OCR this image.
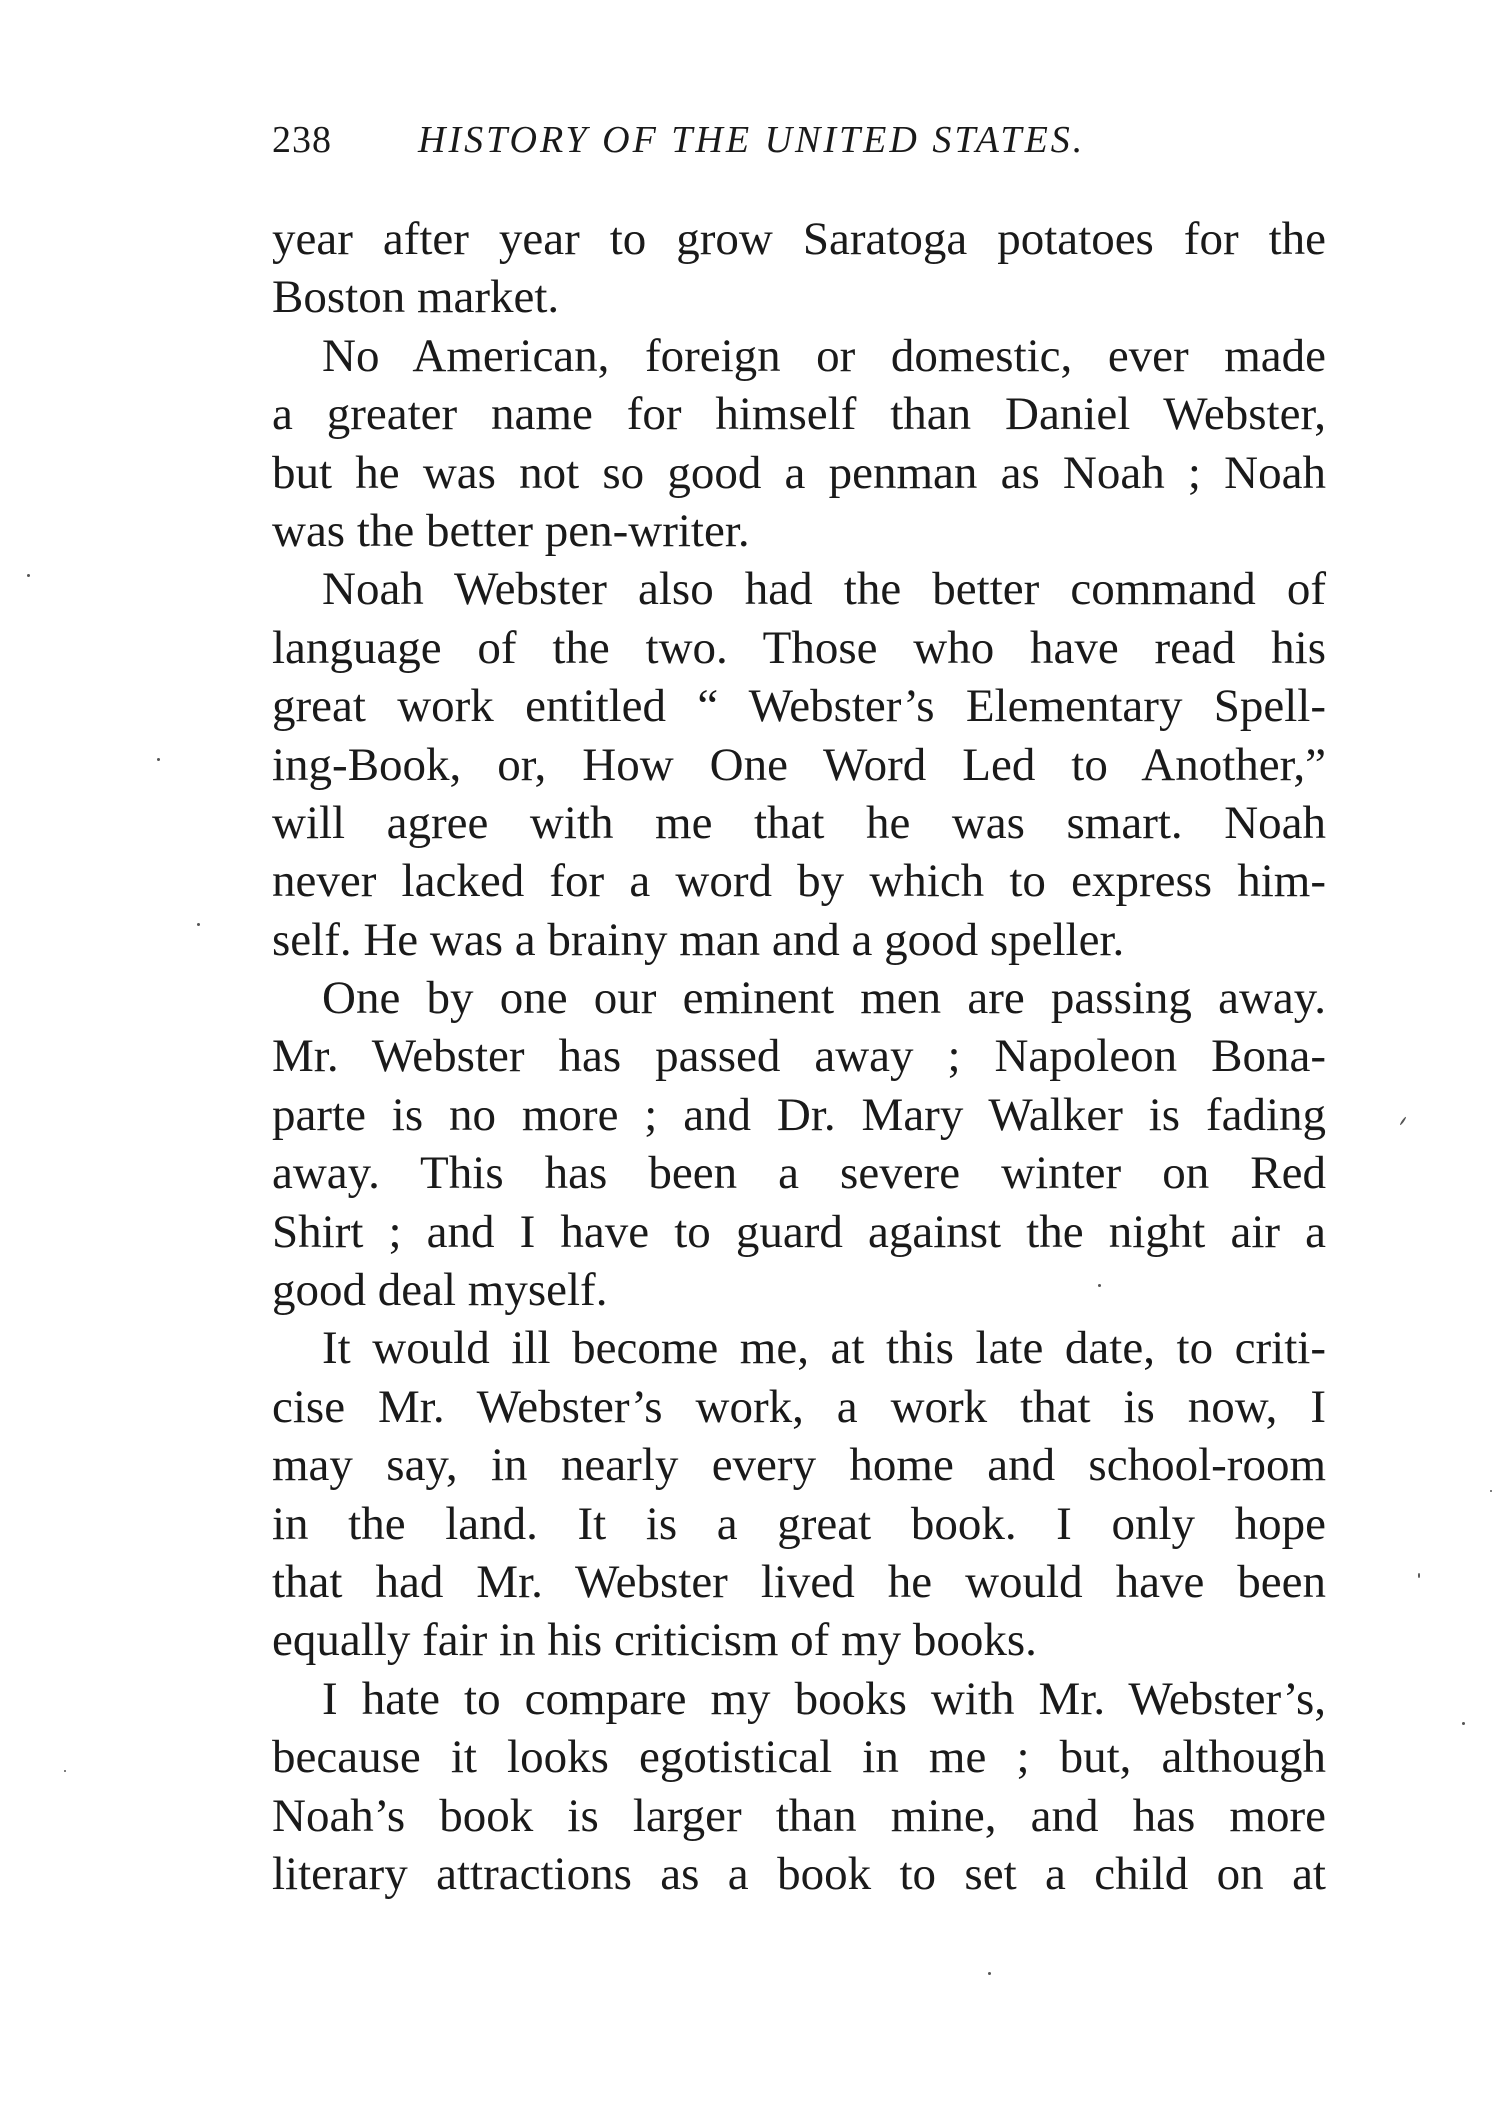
238 HISTORY OF THE UNITED STATES.
year after year to grow Saratoga potatoes for the
Boston market.
No American, foreign or domestic, ever made
a greater name for himself than Daniel Webster,
but he was not so good a penman as Noah ; Noah
was the better pen-writer.
Noah Webster also had the better command of
language of the two. Those who have read his
great work entitled “ Webster’s Elementary Spell-
ing-Book, or, How One Word Led to Another,”
will agree with me that he was smart. Noah
never lacked for a word by which to express him-
self. He was a brainy man and a good speller.
One by one our eminent men are passing away.
Mr. Webster has passed away ; Napoleon Bona-
parte is no more ; and Dr. Mary Walker is fading
away. This has been a severe winter on Red
Shirt ; and I have to guard against the night air a
good deal myself.
It would ill become me, at this late date, to criti-
cise Mr. Webster’s work, a work that is now, I
may say, in nearly every home and school-room
in the land. It is a great book. I only hope
that had Mr. Webster lived he would have been
equally fair in his criticism of my books.
I hate to compare my books with Mr. Webster’s,
because it looks egotistical in me ; but, although
Noah’s book is larger than mine, and has more
literary attractions as a book to set a child on at
